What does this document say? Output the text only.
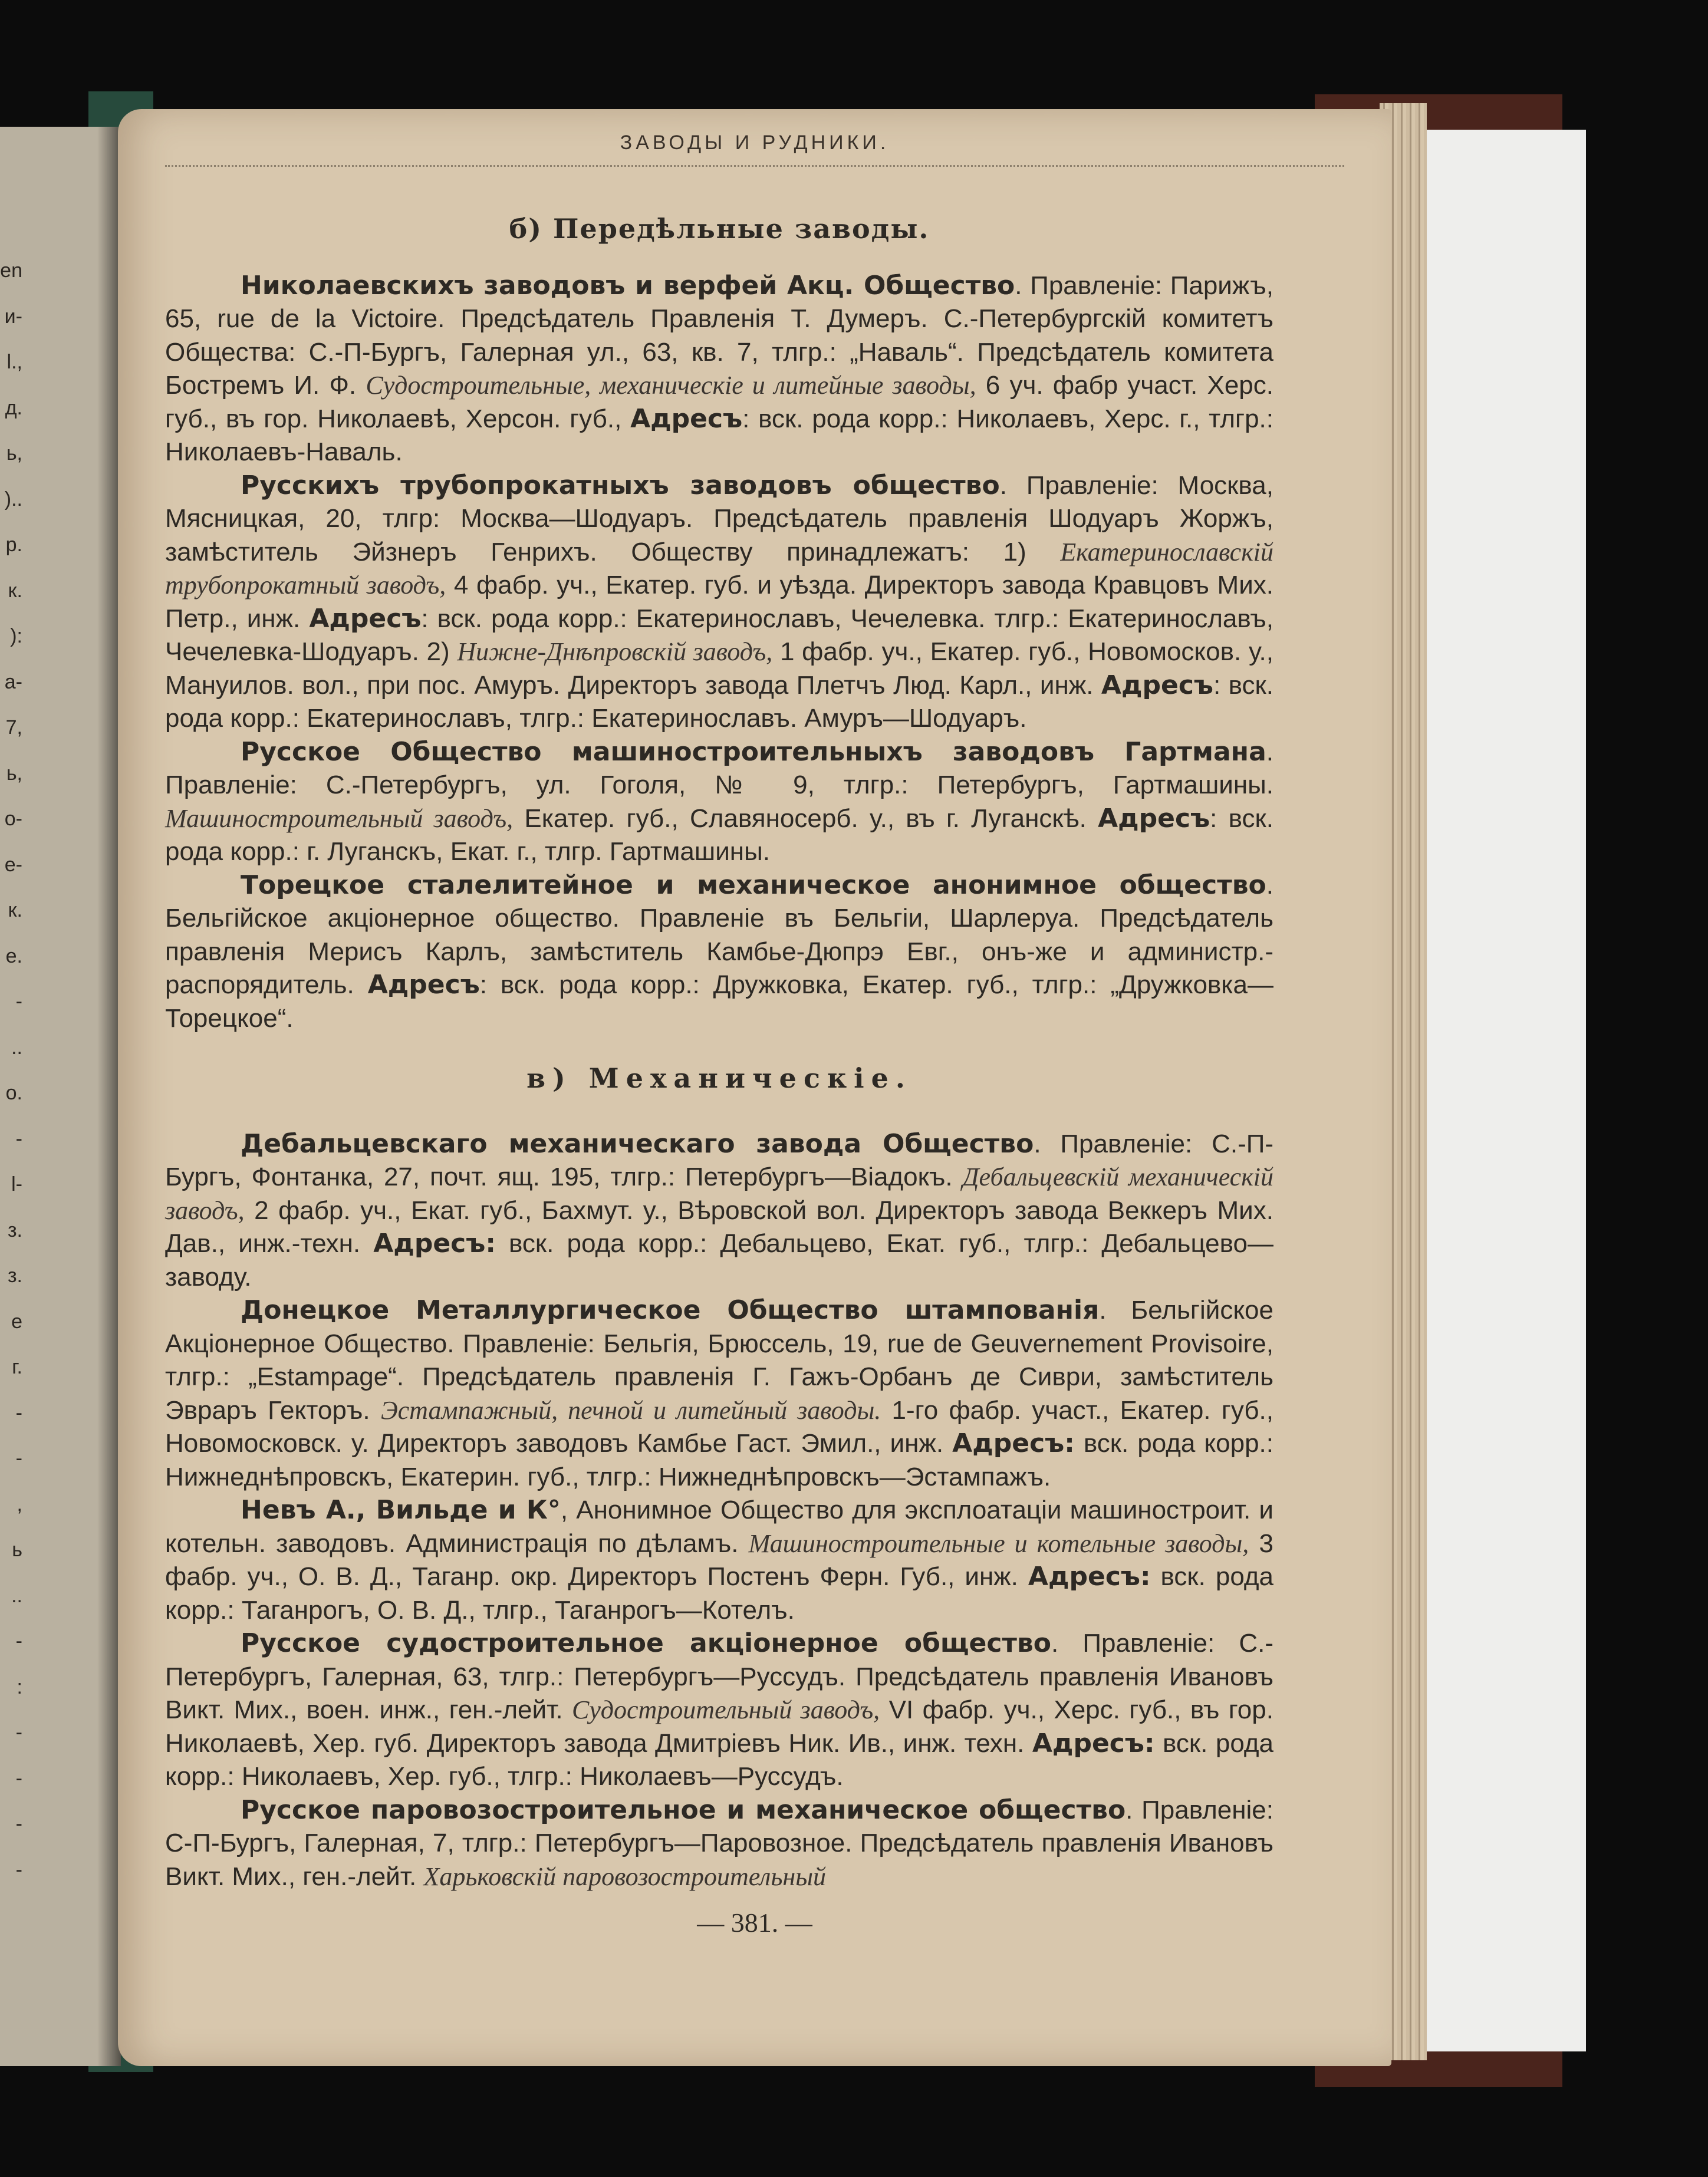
en
и-
l.,
д.
ь,
)..
р.
к.
):
а-
7,
ь,
о-
е-
к.
е.
-
..
о.
-
l-
з.
з.
e
г.
-
-
,
ь
..
-
:
-
-
-
-
ЗАВОДЫ И РУДНИКИ.
б) Передѣльные заводы.

Николаевскихъ заводовъ и верфей Акц. Общество. Правленіе: Парижъ, 65, rue de la Victoire. Предсѣдатель Правленія Т. Думеръ. С.-Петербургскій комитетъ Общества: С.-П-Бургъ, Галерная ул., 63, кв. 7, тлгр.: „Наваль“. Предсѣдатель комитета Бостремъ И. Ф. Судостроительные, механическіе и литейные заводы, 6 уч. фабр участ. Херс. губ., въ гор. Николаевѣ, Херсон. губ., Адресъ: вск. рода корр.: Николаевъ, Херс. г., тлгр.: Николаевъ-Наваль.

Русскихъ трубопрокатныхъ заводовъ общество. Правленіе: Москва, Мясницкая, 20, тлгр: Москва—Шодуаръ. Предсѣдатель правленія Шодуаръ Жоржъ, замѣститель Эйзнеръ Генрихъ. Обществу принадлежатъ: 1) Екатеринославскій трубопрокатный заводъ, 4 фабр. уч., Екатер. губ. и уѣзда. Директоръ завода Кравцовъ Мих. Петр., инж. Адресъ: вск. рода корр.: Екатеринославъ, Чечелевка. тлгр.: Екатеринославъ, Чечелевка-Шодуаръ. 2) Нижне-Днѣпровскій заводъ, 1 фабр. уч., Екатер. губ., Новомосков. у., Мануилов. вол., при пос. Амуръ. Директоръ завода Плетчъ Люд. Карл., инж. Адресъ: вск. рода корр.: Екатеринославъ, тлгр.: Екатеринославъ. Амуръ—Шодуаръ.

Русское Общество машиностроительныхъ заводовъ Гартмана. Правленіе: С.-Петербургъ, ул. Гоголя, № 9, тлгр.: Петербургъ, Гартмашины. Машиностроительный заводъ, Екатер. губ., Славяносерб. у., въ г. Луганскѣ. Адресъ: вск. рода корр.: г. Луганскъ, Екат. г., тлгр. Гартмашины.

Торецкое сталелитейное и механическое анонимное общество. Бельгійское акціонерное общество. Правленіе въ Бельгіи, Шарлеруа. Предсѣдатель правленія Мерисъ Карлъ, замѣститель Камбье-Дюпрэ Евг., онъ-же и администр.-распорядитель. Адресъ: вск. рода корр.: Дружковка, Екатер. губ., тлгр.: „Дружковка—Торецкое“.

в) Механическіе.

Дебальцевскаго механическаго завода Общество. Правленіе: С.-П-Бургъ, Фонтанка, 27, почт. ящ. 195, тлгр.: Петербургъ—Віадокъ. Дебальцевскій механическій заводъ, 2 фабр. уч., Екат. губ., Бахмут. у., Вѣровской вол. Директоръ завода Веккеръ Мих. Дав., инж.-техн. Адресъ: вск. рода корр.: Дебальцево, Екат. губ., тлгр.: Дебальцево—заводу.

Донецкое Металлургическое Общество штампованія. Бельгійское Акціонерное Общество. Правленіе: Бельгія, Брюссель, 19, rue de Geuvernement Provisoire, тлгр.: „Estampage“. Предсѣдатель правленія Г. Гажъ-Орбанъ де Сиври, замѣститель Эвраръ Гекторъ. Эстампажный, печной и литейный заводы. 1-го фабр. участ., Екатер. губ., Новомосковск. у. Директоръ заводовъ Камбье Гаст. Эмил., инж. Адресъ: вск. рода корр.: Нижнеднѣпровскъ, Екатерин. губ., тлгр.: Нижнеднѣпровскъ—Эстампажъ.

Невъ А., Вильде и К°, Анонимное Общество для эксплоатаціи машиностроит. и котельн. заводовъ. Администрація по дѣламъ. Машиностроительные и котельные заводы, 3 фабр. уч., О. В. Д., Таганр. окр. Директоръ Постенъ Ферн. Губ., инж. Адресъ: вск. рода корр.: Таганрогъ, О. В. Д., тлгр., Таганрогъ—Котелъ.

Русское судостроительное акціонерное общество. Правленіе: С.-Петербургъ, Галерная, 63, тлгр.: Петербургъ—Руссудъ. Предсѣдатель правленія Ивановъ Викт. Мих., воен. инж., ген.-лейт. Судостроительный заводъ, VI фабр. уч., Херс. губ., въ гор. Николаевѣ, Хер. губ. Директоръ завода Дмитріевъ Ник. Ив., инж. техн. Адресъ: вск. рода корр.: Николаевъ, Хер. губ., тлгр.: Николаевъ—Руссудъ.

Русское паровозостроительное и механическое общество. Правленіе: С-П-Бургъ, Галерная, 7, тлгр.: Петербургъ—Паровозное. Предсѣдатель правленія Ивановъ Викт. Мих., ген.-лейт. Харьковскій паровозостроительный

— 381. —
